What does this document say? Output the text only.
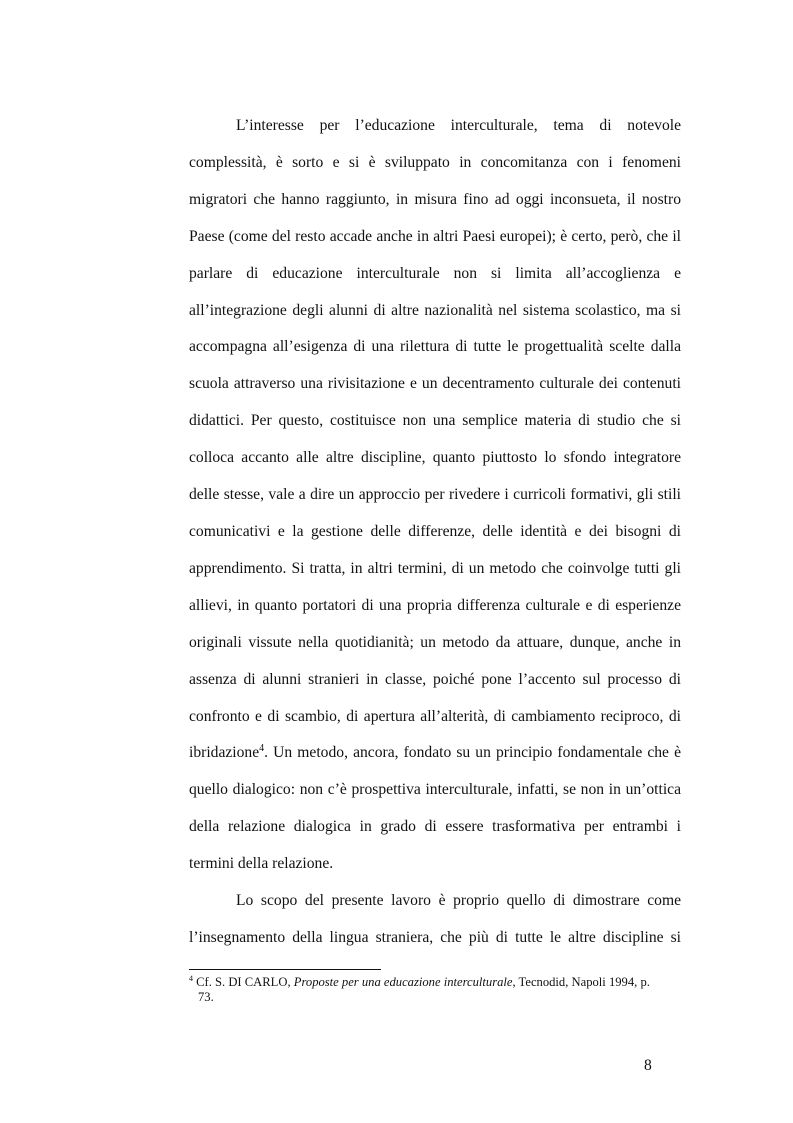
L’interesse per l’educazione interculturale, tema di notevole complessità, è sorto e si è sviluppato in concomitanza con i fenomeni migratori che hanno raggiunto, in misura fino ad oggi inconsueta, il nostro Paese (come del resto accade anche in altri Paesi europei); è certo, però, che il parlare di educazione interculturale non si limita all’accoglienza e all’integrazione degli alunni di altre nazionalità nel sistema scolastico, ma si accompagna all’esigenza di una rilettura di tutte le progettualità scelte dalla scuola attraverso una rivisitazione e un decentramento culturale dei contenuti didattici. Per questo, costituisce non una semplice materia di studio che si colloca accanto alle altre discipline, quanto piuttosto lo sfondo integratore delle stesse, vale a dire un approccio per rivedere i curricoli formativi, gli stili comunicativi e la gestione delle differenze, delle identità e dei bisogni di apprendimento. Si tratta, in altri termini, di un metodo che coinvolge tutti gli allievi, in quanto portatori di una propria differenza culturale e di esperienze originali vissute nella quotidianità; un metodo da attuare, dunque, anche in assenza di alunni stranieri in classe, poiché pone l’accento sul processo di confronto e di scambio, di apertura all’alterità, di cambiamento reciproco, di ibridazione$^4$. Un metodo, ancora, fondato su un principio fondamentale che è quello dialogico: non c’è prospettiva interculturale, infatti, se non in un’ottica della relazione dialogica in grado di essere trasformativa per entrambi i termini della relazione.

Lo scopo del presente lavoro è proprio quello di dimostrare come l’insegnamento della lingua straniera, che più di tutte le altre discipline si

$^4$ Cf. S. DI CARLO, Proposte per una educazione interculturale, Tecnodid, Napoli 1994, p.
73.
8
